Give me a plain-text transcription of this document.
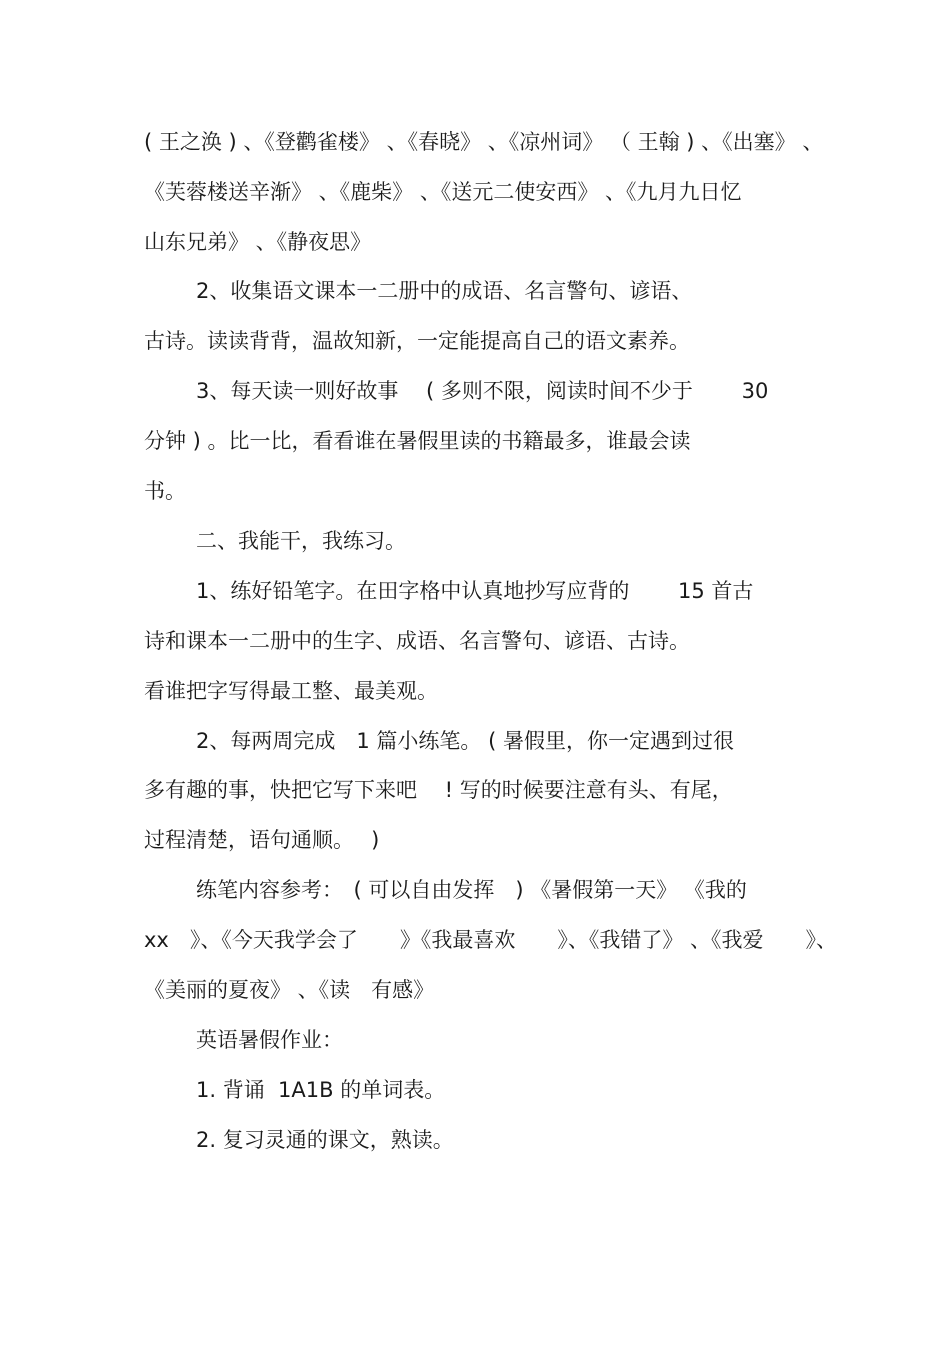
( 王之涣 ) 、《登鹳雀楼》 、《春晓》 、《凉州词》 （ 王翰 ) 、《出塞》 、
《芙蓉楼送辛渐》 、《鹿柴》 、《送元二使安西》 、《九月九日忆
山东兄弟》 、《静夜思》
2、收集语文课本一二册中的成语、名言警句、谚语、
古诗。读读背背，温故知新，一定能提高自己的语文素养。
3、每天读一则好故事　 ( 多则不限，阅读时间不少于　　 30
分钟 ) 。比一比，看看谁在暑假里读的书籍最多，谁最会读
书。
二、我能干，我练习。
1、练好铅笔字。在田字格中认真地抄写应背的　　 15 首古
诗和课本一二册中的生字、成语、名言警句、谚语、古诗。
看谁把字写得最工整、最美观。
2、每两周完成　1 篇小练笔。 ( 暑假里，你一定遇到过很
多有趣的事，快把它写下来吧　 ! 写的时候要注意有头、有尾，
过程清楚，语句通顺。　 )
练笔内容参考：　( 可以自由发挥　) 《暑假第一天》 《我的
xx　》、《今天我学会了　　》《我最喜欢　　》、《我错了》 、《我爱　　》、
《美丽的夏夜》 、《读　有感》
英语暑假作业：
1. 背诵  1A1B 的单词表。
2. 复习灵通的课文，熟读。
